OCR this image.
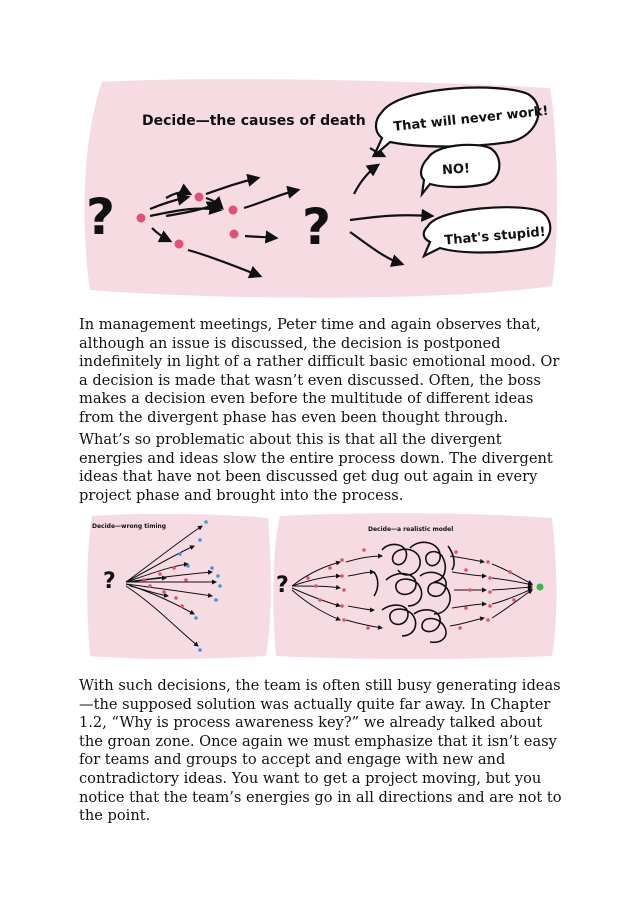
Decide—the causes of death
?	?
That will never work!
NO!
That's stupid!
Decide—wrong timing
?
Decide—a realistic model
?

In management meetings, Peter time and again observes that, although an issue is discussed, the decision is postponed indefinitely in light of a rather difficult basic emotional mood. Or a decision is made that wasn’t even discussed. Often, the boss makes a decision even before the multitude of different ideas from the divergent phase has even been thought through.

What’s so problematic about this is that all the divergent energies and ideas slow the entire process down. The divergent ideas that have not been discussed get dug out again in every project phase and brought into the process.

With such decisions, the team is often still busy generating ideas—the supposed solution was actually quite far away. In Chapter 1.2, “Why is process awareness key?” we already talked about the groan zone. Once again we must emphasize that it isn’t easy for teams and groups to accept and engage with new and contradictory ideas. You want to get a project moving, but you notice that the team’s energies go in all directions and are not to the point.
